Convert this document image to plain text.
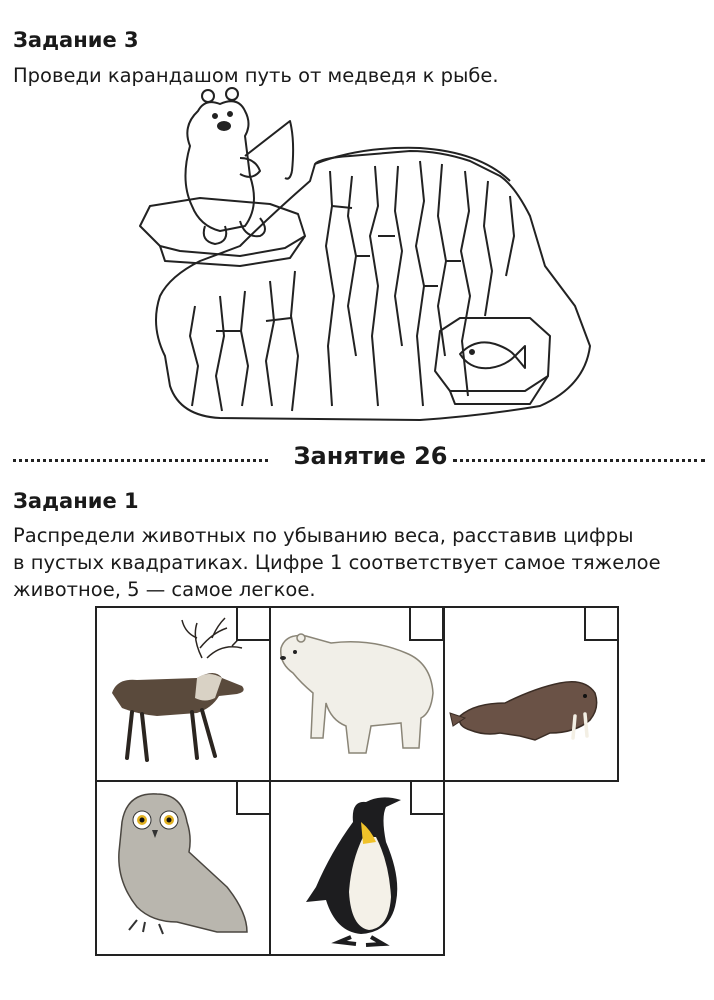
Задание 3
Проведи карандашом путь от медведя к рыбе.
Занятие 26
Задание 1
Распредели животных по убыванию веса, расставив цифры
в пустых квадратиках. Цифре 1 соответствует самое тяжелое
животное, 5 — самое легкое.
